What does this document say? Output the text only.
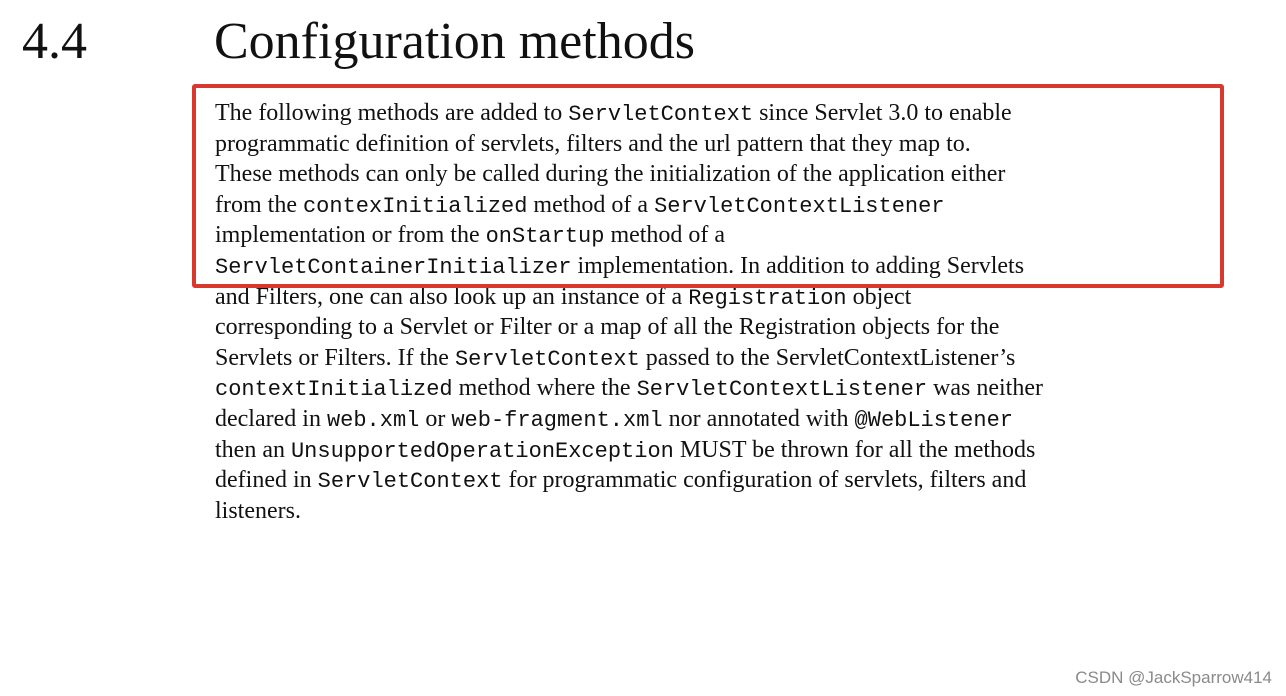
4.4 Configuration methods
The following methods are added to ServletContext since Servlet 3.0 to enable
programmatic definition of servlets, filters and the url pattern that they map to.
These methods can only be called during the initialization of the application either
from the contexInitialized method of a ServletContextListener
implementation or from the onStartup method of a
ServletContainerInitializer implementation. In addition to adding Servlets
and Filters, one can also look up an instance of a Registration object
corresponding to a Servlet or Filter or a map of all the Registration objects for the
Servlets or Filters. If the ServletContext passed to the ServletContextListener’s
contextInitialized method where the ServletContextListener was neither
declared in web.xml or web-fragment.xml nor annotated with @WebListener
then an UnsupportedOperationException MUST be thrown for all the methods
defined in ServletContext for programmatic configuration of servlets, filters and
listeners.
CSDN @JackSparrow414
